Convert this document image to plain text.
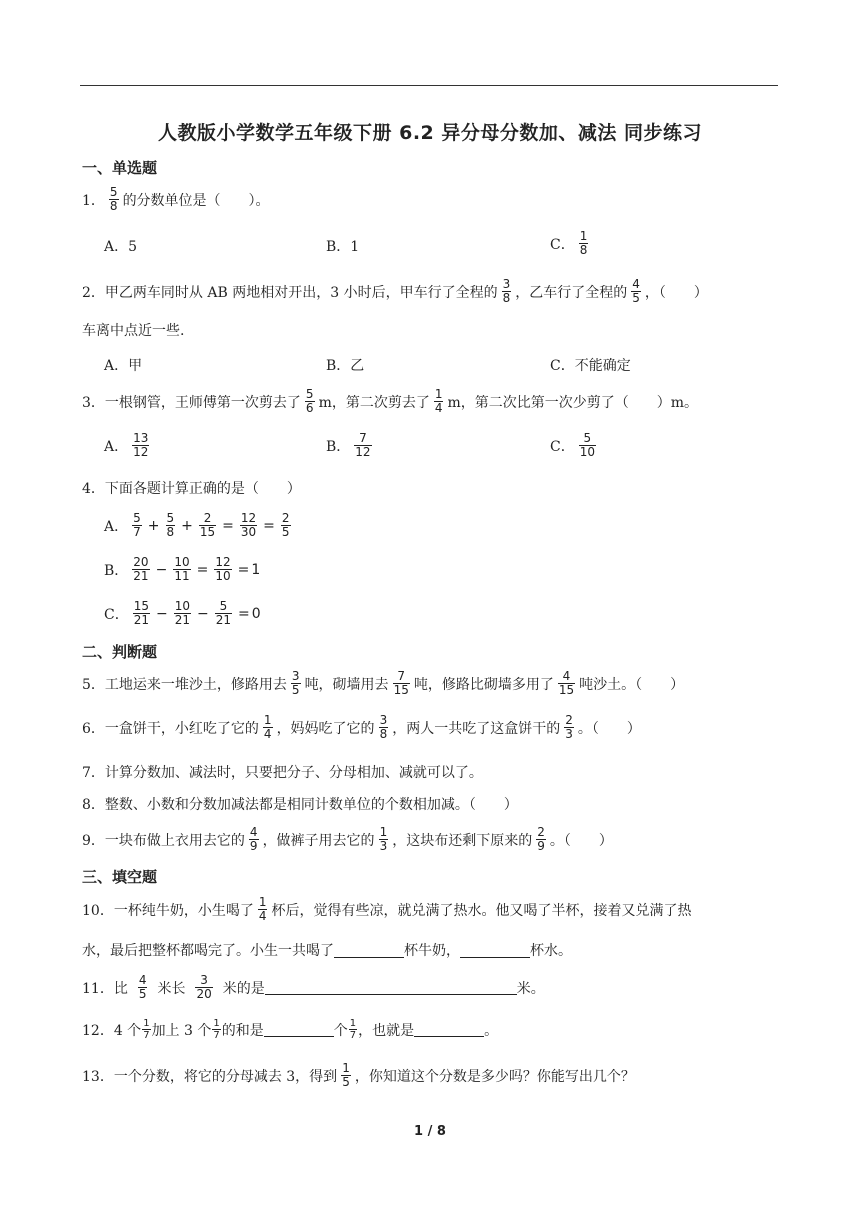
人教版小学数学五年级下册 6.2 异分母分数加、减法 同步练习
一、单选题
1． $\frac{5}{8}$ 的分数单位是（　　）。
A．5	B．1	C． $\frac{1}{8}$
2． 甲乙两车同时从 AB 两地相对开出，3 小时后，甲车行了全程的 $\frac{3}{8}$ ，乙车行了全程的 $\frac{4}{5}$ ，（　　）
车离中点近一些.
A．甲	B．乙	C．不能确定
3． 一根钢管，王师傅第一次剪去了 $\frac{5}{6}$ m，第二次剪去了 $\frac{1}{4}$ m，第二次比第一次少剪了（　　）m。
A． $\frac{13}{12}$	B． $\frac{7}{12}$	C． $\frac{5}{10}$
4． 下面各题计算正确的是（　　）
A． $\frac{5}{7} + \frac{5}{8} + \frac{2}{15} = \frac{12}{30} = \frac{2}{5}$
B． $\frac{20}{21} - \frac{10}{11} = \frac{12}{10} = 1$
C． $\frac{15}{21} - \frac{10}{21} - \frac{5}{21} = 0$
二、判断题
5． 工地运来一堆沙土，修路用去 $\frac{3}{5}$ 吨，砌墙用去 $\frac{7}{15}$ 吨，修路比砌墙多用了 $\frac{4}{15}$ 吨沙土。（　　）
6． 一盒饼干，小红吃了它的 $\frac{1}{4}$ ，妈妈吃了它的 $\frac{3}{8}$ ，两人一共吃了这盒饼干的 $\frac{2}{3}$ 。（　　）
7． 计算分数加、减法时，只要把分子、分母相加、减就可以了。
8． 整数、小数和分数加减法都是相同计数单位的个数相加减。（　　）
9． 一块布做上衣用去它的 $\frac{4}{9}$ ，做裤子用去它的 $\frac{1}{3}$ ，这块布还剩下原来的 $\frac{2}{9}$ 。（　　）
三、填空题
10． 一杯纯牛奶，小生喝了 $\frac{1}{4}$ 杯后，觉得有些凉，就兑满了热水。他又喝了半杯，接着又兑满了热
水，最后把整杯都喝完了。小生一共喝了	杯牛奶，	杯水。
11． 比 $\frac{4}{5}$ 米长 $\frac{3}{20}$ 米的是	米。
12． 4 个 $\frac{1}{7}$ 加上 3 个 $\frac{1}{7}$ 的和是	个 $\frac{1}{7}$ ，也就是	。
13． 一个分数，将它的分母减去 3，得到 $\frac{1}{5}$ ，你知道这个分数是多少吗？你能写出几个？
1 / 8
